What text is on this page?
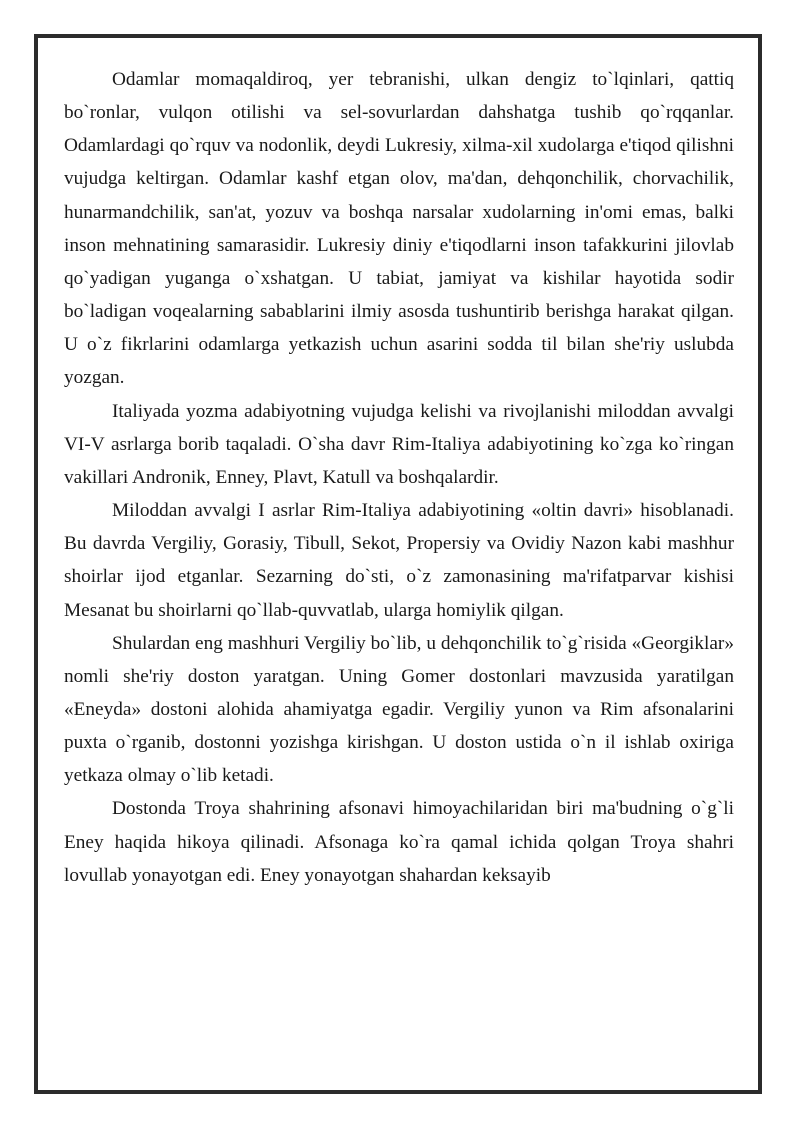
Odamlar momaqaldiroq, yer tebranishi, ulkan dengiz to`lqinlari, qattiq bo`ronlar, vulqon otilishi va sel-sovurlardan dahshatga tushib qo`rqqanlar. Odamlardagi qo`rquv va nodonlik, deydi Lukresiy, xilma-xil xudolarga e'tiqod qilishni vujudga keltirgan. Odamlar kashf etgan olov, ma'dan, dehqonchilik, chorvachilik, hunarmandchilik, san'at, yozuv va boshqa narsalar xudolarning in'omi emas, balki inson mehnatining samarasidir. Lukresiy diniy e'tiqodlarni inson tafakkurini jilovlab qo`yadigan yuganga o`xshatgan. U tabiat, jamiyat va kishilar hayotida sodir bo`ladigan voqealarning sabablarini ilmiy asosda tushuntirib berishga harakat qilgan. U o`z fikrlarini odamlarga yetkazish uchun asarini sodda til bilan she'riy uslubda yozgan.

Italiyada yozma adabiyotning vujudga kelishi va rivojlanishi miloddan avvalgi VI-V asrlarga borib taqaladi. O`sha davr Rim-Italiya adabiyotining ko`zga ko`ringan vakillari Andronik, Enney, Plavt, Katull va boshqalardir.

Miloddan avvalgi I asrlar Rim-Italiya adabiyotining «oltin davri» hisoblanadi. Bu davrda Vergiliy, Gorasiy, Tibull, Sekot, Propersiy va Ovidiy Nazon kabi mashhur shoirlar ijod etganlar. Sezarning do`sti, o`z zamonasining ma'rifatparvar kishisi Mesanat bu shoirlarni qo`llab-quvvatlab, ularga homiylik qilgan.

Shulardan eng mashhuri Vergiliy bo`lib, u dehqonchilik to`g`risida «Georgiklar» nomli she'riy doston yaratgan. Uning Gomer dostonlari mavzusida yaratilgan «Eneyda» dostoni alohida ahamiyatga egadir. Vergiliy yunon va Rim afsonalarini puxta o`rganib, dostonni yozishga kirishgan. U doston ustida o`n il ishlab oxiriga yetkaza olmay o`lib ketadi.

Dostonda Troya shahrining afsonavi himoyachilaridan biri ma'budning o`g`li Eney haqida hikoya qilinadi. Afsonaga ko`ra qamal ichida qolgan Troya shahri lovullab yonayotgan edi. Eney yonayotgan shahardan keksayib
